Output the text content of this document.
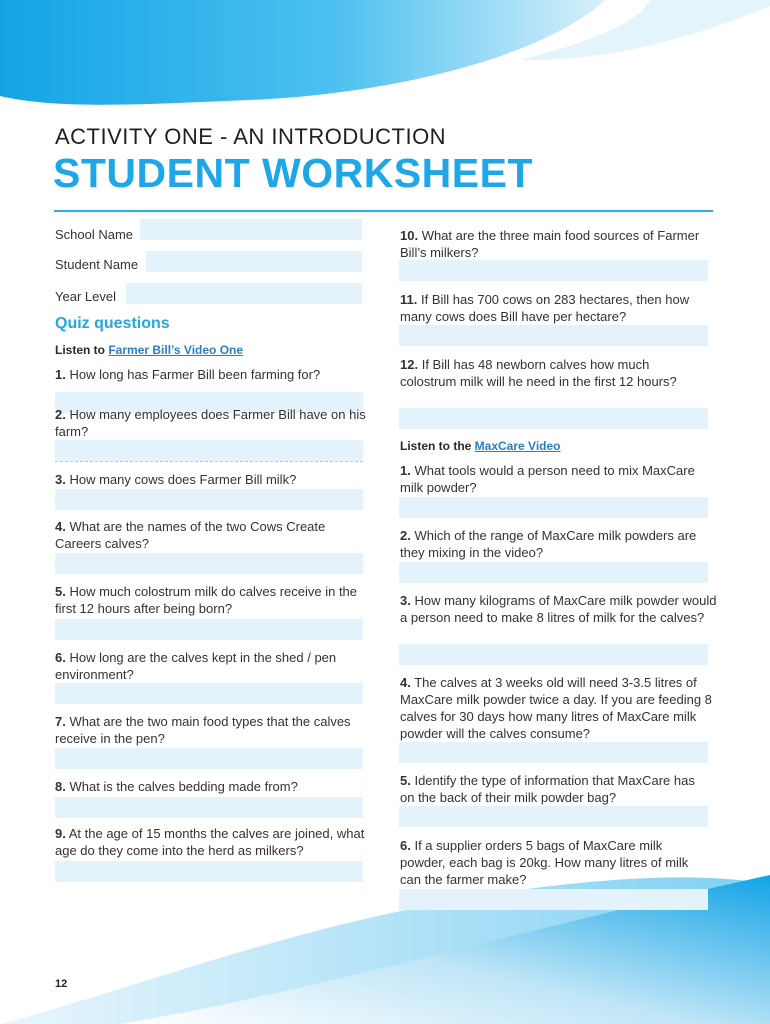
ACTIVITY ONE - AN INTRODUCTION
STUDENT WORKSHEET
School Name
Student Name
Year Level
Quiz questions
Listen to Farmer Bill’s Video One
1. How long has Farmer Bill been farming for?
2. How many employees does Farmer Bill have on his farm?
3. How many cows does Farmer Bill milk?
4. What are the names of the two Cows Create Careers calves?
5. How much colostrum milk do calves receive in the first 12 hours after being born?
6. How long are the calves kept in the shed / pen environment?
7. What are the two main food types that the calves receive in the pen?
8. What is the calves bedding made from?
9. At the age of 15 months the calves are joined, what age do they come into the herd as milkers?
10. What are the three main food sources of Farmer Bill’s milkers?
11. If Bill has 700 cows on 283 hectares, then how many cows does Bill have per hectare?
12. If Bill has 48 newborn calves how much colostrum milk will he need in the first 12 hours?
Listen to the MaxCare Video
1. What tools would a person need to mix MaxCare milk powder?
2. Which of the range of MaxCare milk powders are they mixing in the video?
3. How many kilograms of MaxCare milk powder would a person need to make 8 litres of milk for the calves?
4. The calves at 3 weeks old will need 3-3.5 litres of MaxCare milk powder twice a day. If you are feeding 8 calves for 30 days how many litres of MaxCare milk powder will the calves consume?
5. Identify the type of information that MaxCare has on the back of their milk powder bag?
6. If a supplier orders 5 bags of MaxCare milk powder, each bag is 20kg. How many litres of milk can the farmer make?
12
